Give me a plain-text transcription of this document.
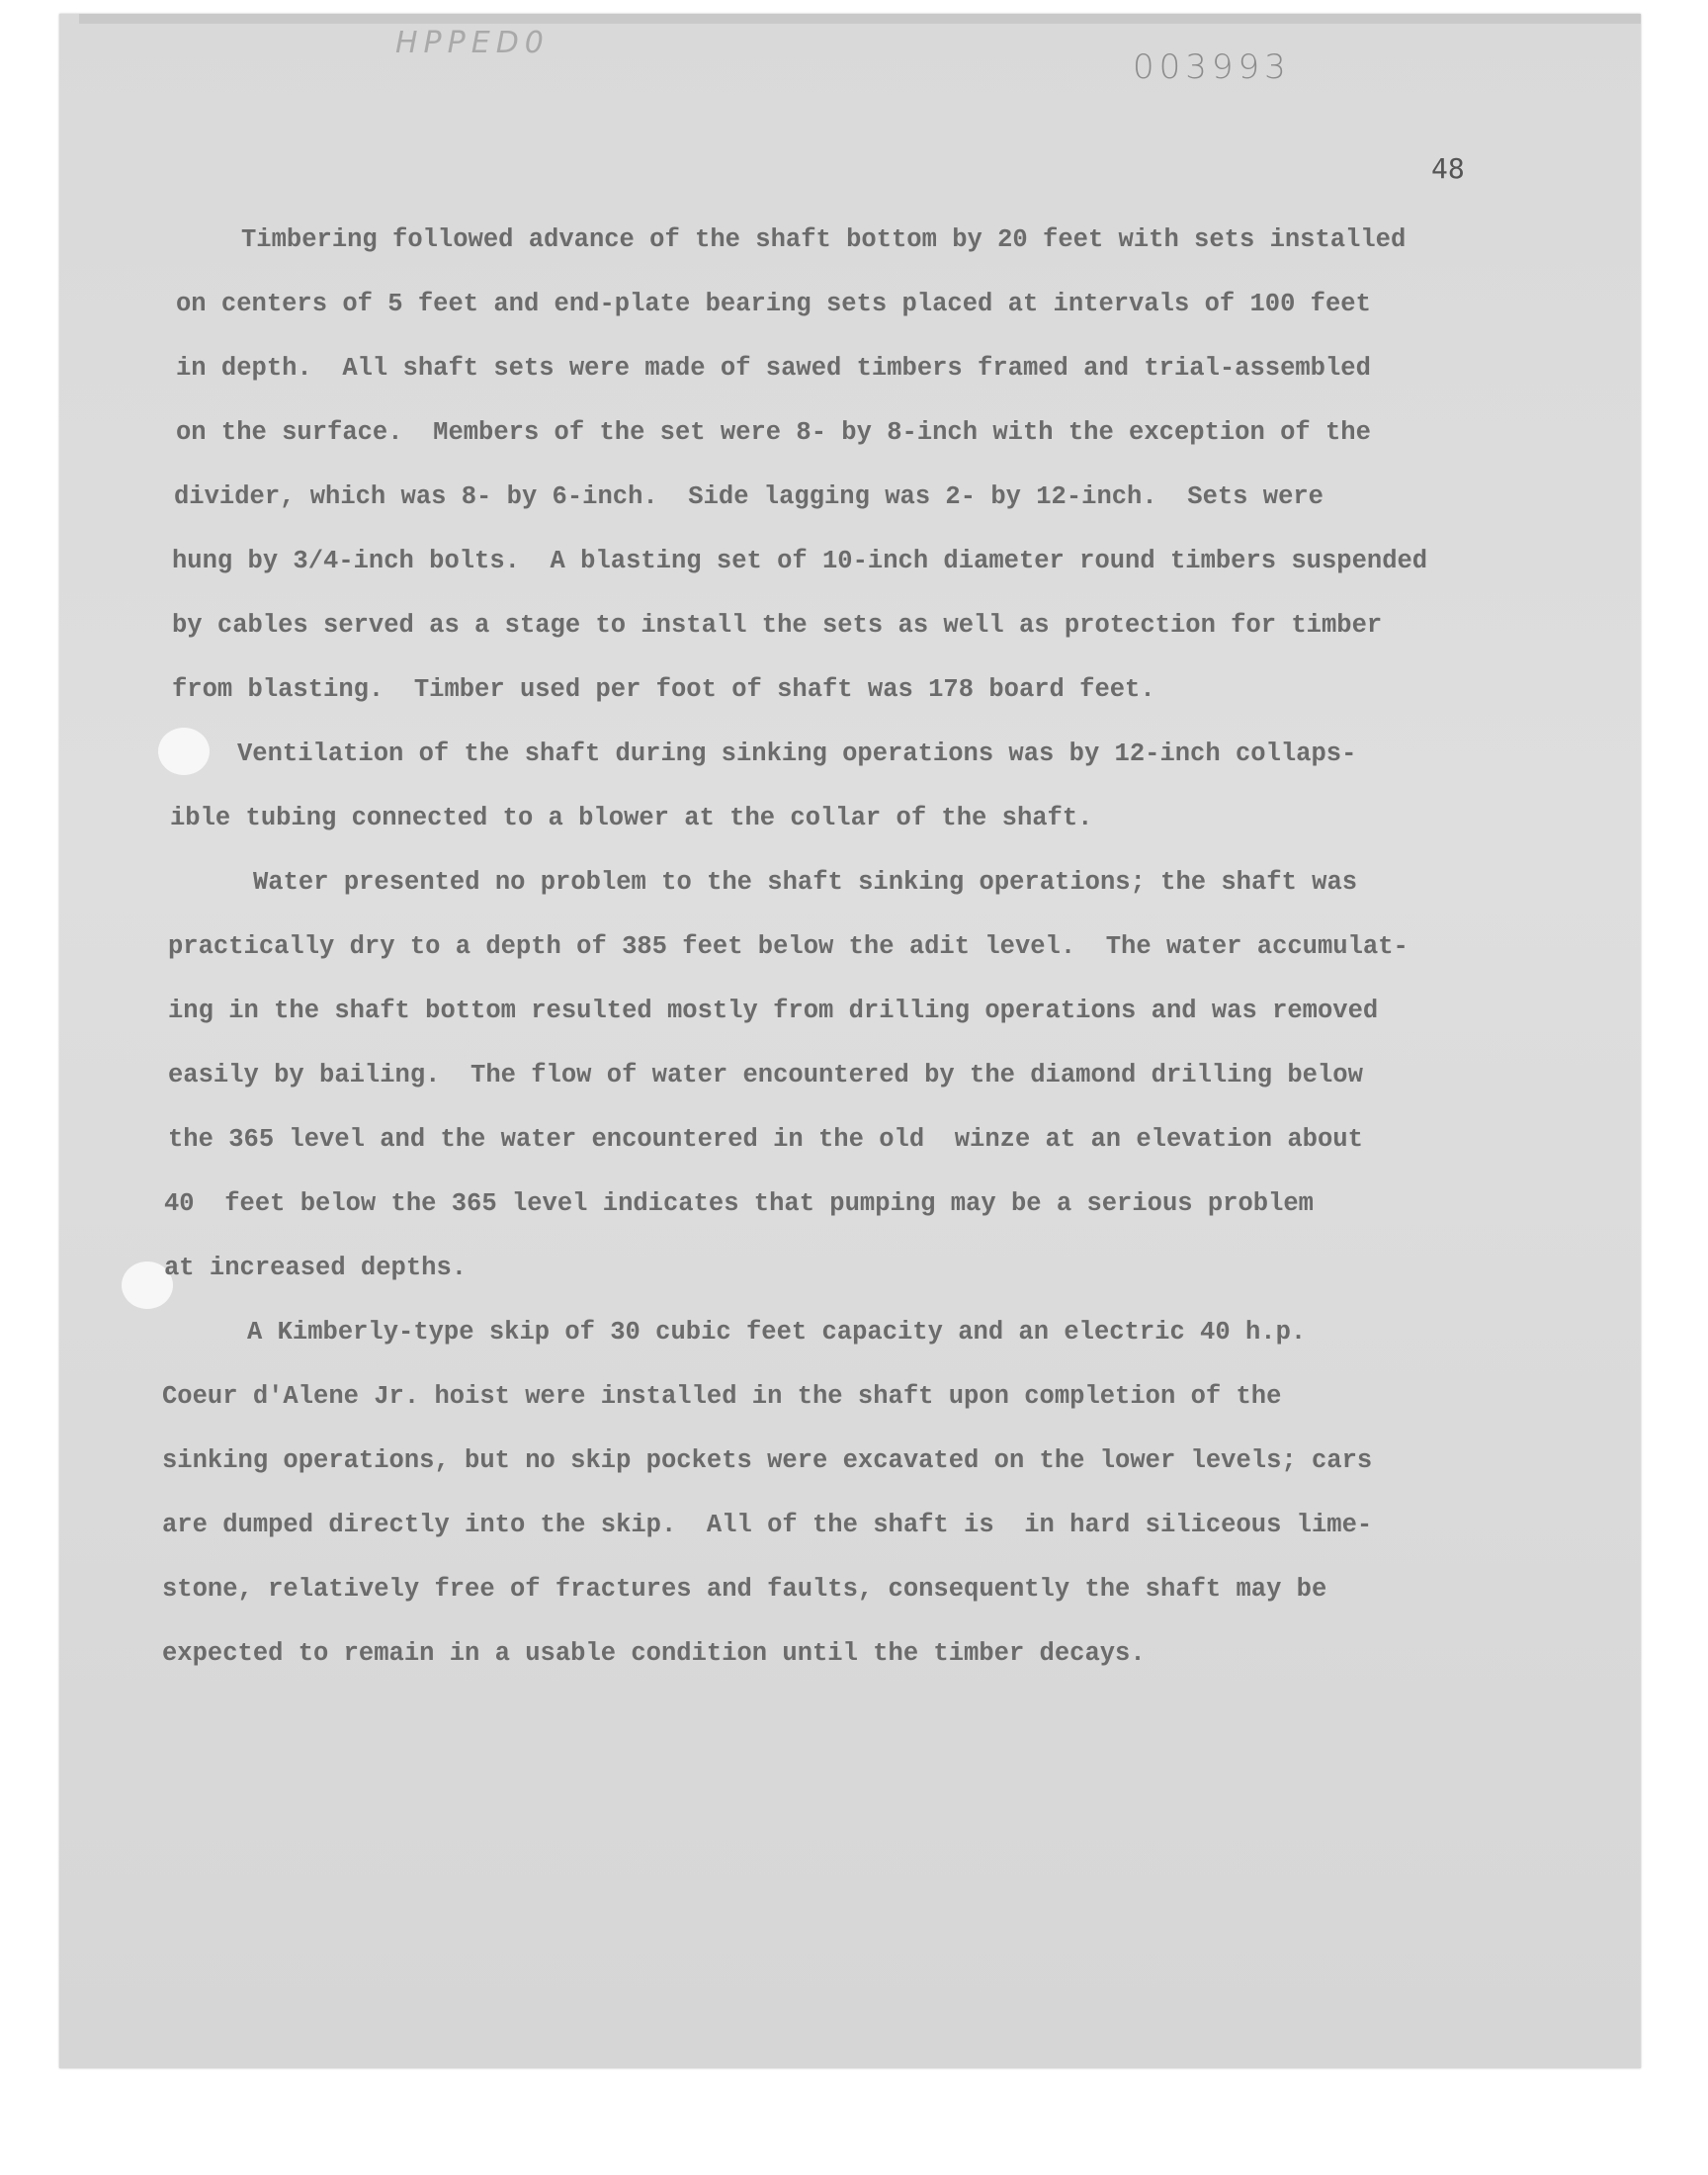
HPPED0
003993
48
Timbering followed advance of the shaft bottom by 20 feet with sets installed
on centers of 5 feet and end-plate bearing sets placed at intervals of 100 feet
in depth.  All shaft sets were made of sawed timbers framed and trial-assembled
on the surface.  Members of the set were 8- by 8-inch with the exception of the
divider, which was 8- by 6-inch.  Side lagging was 2- by 12-inch.  Sets were
hung by 3/4-inch bolts.  A blasting set of 10-inch diameter round timbers suspended
by cables served as a stage to install the sets as well as protection for timber
from blasting.  Timber used per foot of shaft was 178 board feet.
Ventilation of the shaft during sinking operations was by 12-inch collaps-
ible tubing connected to a blower at the collar of the shaft.
Water presented no problem to the shaft sinking operations; the shaft was
practically dry to a depth of 385 feet below the adit level.  The water accumulat-
ing in the shaft bottom resulted mostly from drilling operations and was removed
easily by bailing.  The flow of water encountered by the diamond drilling below
the 365 level and the water encountered in the old  winze at an elevation about
40  feet below the 365 level indicates that pumping may be a serious problem
at increased depths.
A Kimberly-type skip of 30 cubic feet capacity and an electric 40 h.p.
Coeur d'Alene Jr. hoist were installed in the shaft upon completion of the
sinking operations, but no skip pockets were excavated on the lower levels; cars
are dumped directly into the skip.  All of the shaft is  in hard siliceous lime-
stone, relatively free of fractures and faults, consequently the shaft may be
expected to remain in a usable condition until the timber decays.
